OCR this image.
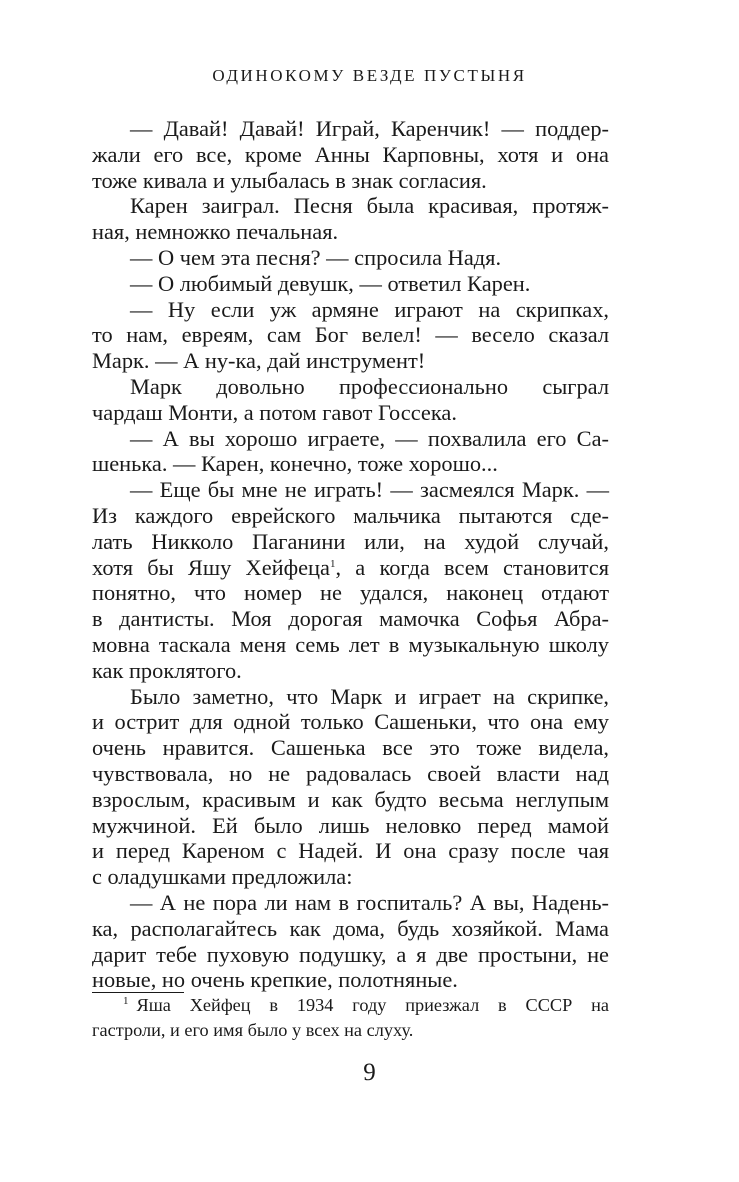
ОДИНОКОМУ ВЕЗДЕ ПУСТЫНЯ
— Давай! Давай! Играй, Каренчик! — поддер-
жали его все, кроме Анны Карповны, хотя и она
тоже кивала и улыбалась в знак согласия.
Карен заиграл. Песня была красивая, протяж-
ная, немножко печальная.
— О чем эта песня? — спросила Надя.
— О любимый девушк, — ответил Карен.
— Ну если уж армяне играют на скрипках,
то нам, евреям, сам Бог велел! — весело сказал
Марк. — А ну-ка, дай инструмент!
Марк довольно профессионально сыграл
чардаш Монти, а потом гавот Госсека.
— А вы хорошо играете, — похвалила его Са-
шенька. — Карен, конечно, тоже хорошо...
— Еще бы мне не играть! — засмеялся Марк. —
Из каждого еврейского мальчика пытаются сде-
лать Никколо Паганини или, на худой случай,
хотя бы Яшу Хейфеца$^1$, а когда всем становится
понятно, что номер не удался, наконец отдают
в дантисты. Моя дорогая мамочка Софья Абра-
мовна таскала меня семь лет в музыкальную школу
как проклятого.
Было заметно, что Марк и играет на скрипке,
и острит для одной только Сашеньки, что она ему
очень нравится. Сашенька все это тоже видела,
чувствовала, но не радовалась своей власти над
взрослым, красивым и как будто весьма неглупым
мужчиной. Ей было лишь неловко перед мамой
и перед Кареном с Надей. И она сразу после чая
с оладушками предложила:
— А не пора ли нам в госпиталь? А вы, Надень-
ка, располагайтесь как дома, будь хозяйкой. Мама
дарит тебе пуховую подушку, а я две простыни, не
новые, но очень крепкие, полотняные.
$^1$ Яша Хейфец в 1934 году приезжал в СССР на
гастроли, и его имя было у всех на слуху.
9
